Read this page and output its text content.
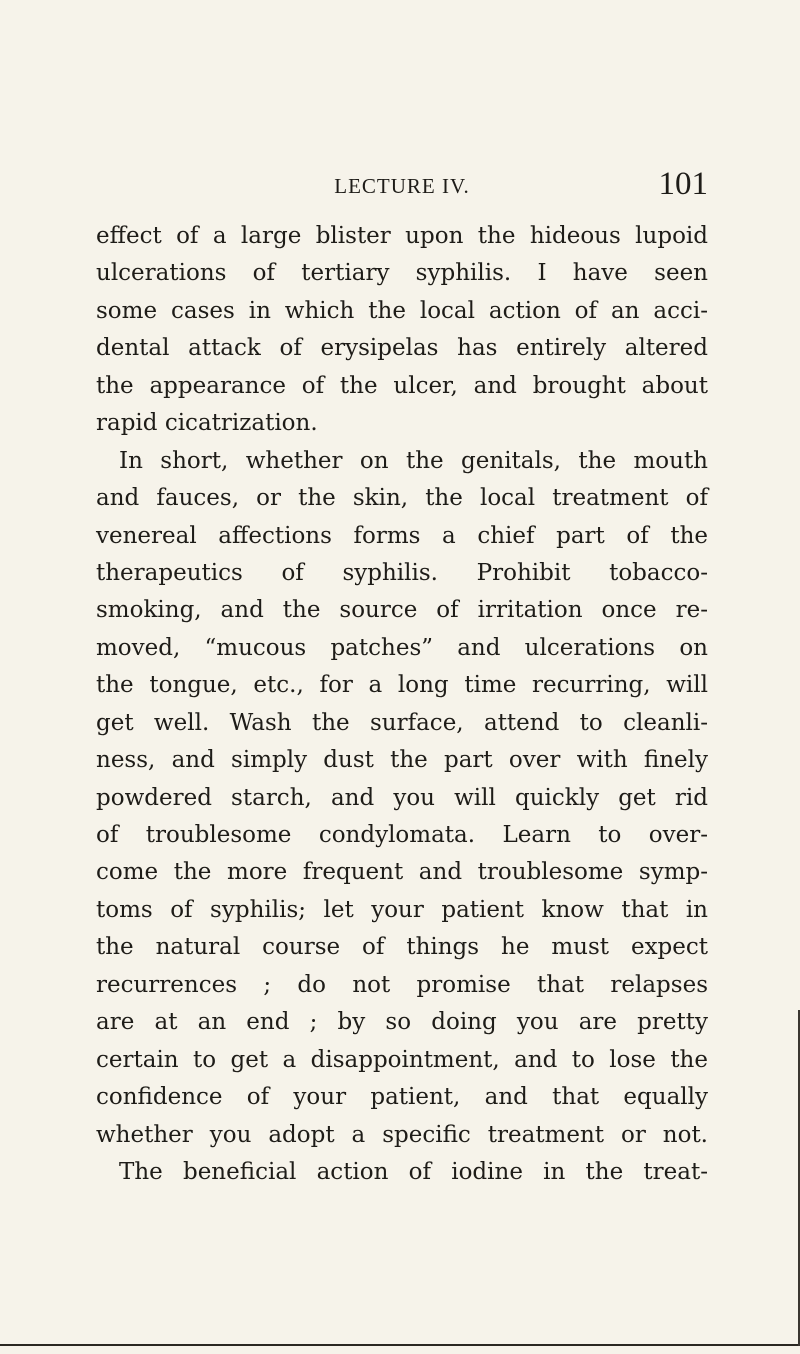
LECTURE IV.	101
effect of a large blister upon the hideous lupoid
ulcerations of tertiary syphilis. I have seen
some cases in which the local action of an acci-
dental attack of erysipelas has entirely altered
the appearance of the ulcer, and brought about
rapid cicatrization.
In short, whether on the genitals, the mouth
and fauces, or the skin, the local treatment of
venereal affections forms a chief part of the
therapeutics of syphilis. Prohibit tobacco-
smoking, and the source of irritation once re-
moved, “mucous patches” and ulcerations on
the tongue, etc., for a long time recurring, will
get well. Wash the surface, attend to cleanli-
ness, and simply dust the part over with finely
powdered starch, and you will quickly get rid
of troublesome condylomata. Learn to over-
come the more frequent and troublesome symp-
toms of syphilis; let your patient know that in
the natural course of things he must expect
recurrences ; do not promise that relapses
are at an end ; by so doing you are pretty
certain to get a disappointment, and to lose the
confidence of your patient, and that equally
whether you adopt a specific treatment or not.
The beneficial action of iodine in the treat-
